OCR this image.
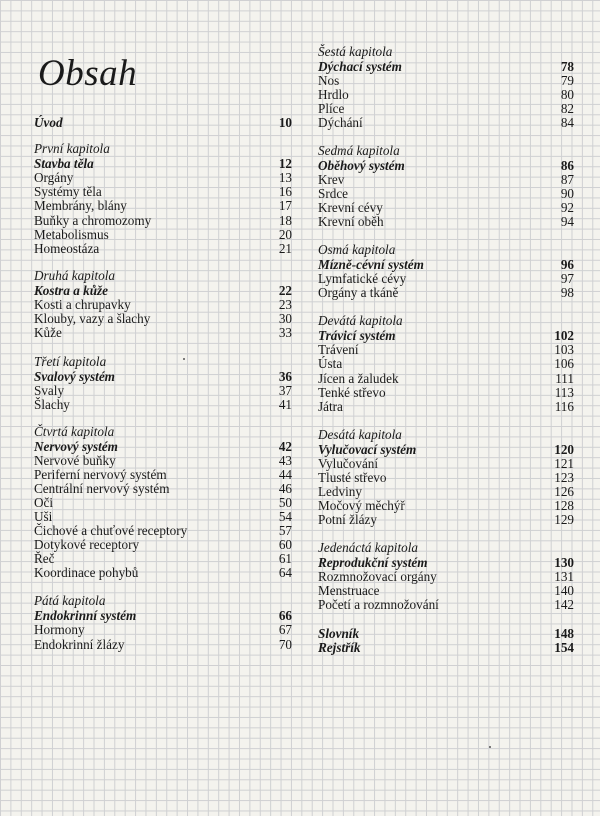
Obsah
Úvod	10
První kapitola
Stavba těla	12
Orgány	13
Systémy těla	16
Membrány, blány	17
Buňky a chromozomy	18
Metabolismus	20
Homeostáza	21
Druhá kapitola
Kostra a kůže	22
Kosti a chrupavky	23
Klouby, vazy a šlachy	30
Kůže	33
Třetí kapitola
Svalový systém	36
Svaly	37
Šlachy	41
Čtvrtá kapitola
Nervový systém	42
Nervové buňky	43
Periferní nervový systém	44
Centrální nervový systém	46
Oči	50
Uši	54
Čichové a chuťové receptory	57
Dotykové receptory	60
Řeč	61
Koordinace pohybů	64
Pátá kapitola
Endokrinní systém	66
Hormony	67
Endokrinní žlázy	70
Šestá kapitola
Dýchací systém	78
Nos	79
Hrdlo	80
Plíce	82
Dýchání	84
Sedmá kapitola
Oběhový systém	86
Krev	87
Srdce	90
Krevní cévy	92
Krevní oběh	94
Osmá kapitola
Mízně-cévní systém	96
Lymfatické cévy	97
Orgány a tkáně	98
Devátá kapitola
Trávicí systém	102
Trávení	103
Ústa	106
Jícen a žaludek	111
Tenké střevo	113
Játra	116
Desátá kapitola
Vylučovací systém	120
Vylučování	121
Tlusté střevo	123
Ledviny	126
Močový měchýř	128
Potní žlázy	129
Jedenáctá kapitola
Reprodukční systém	130
Rozmnožovací orgány	131
Menstruace	140
Početí a rozmnožování	142
Slovník	148
Rejstřík	154
